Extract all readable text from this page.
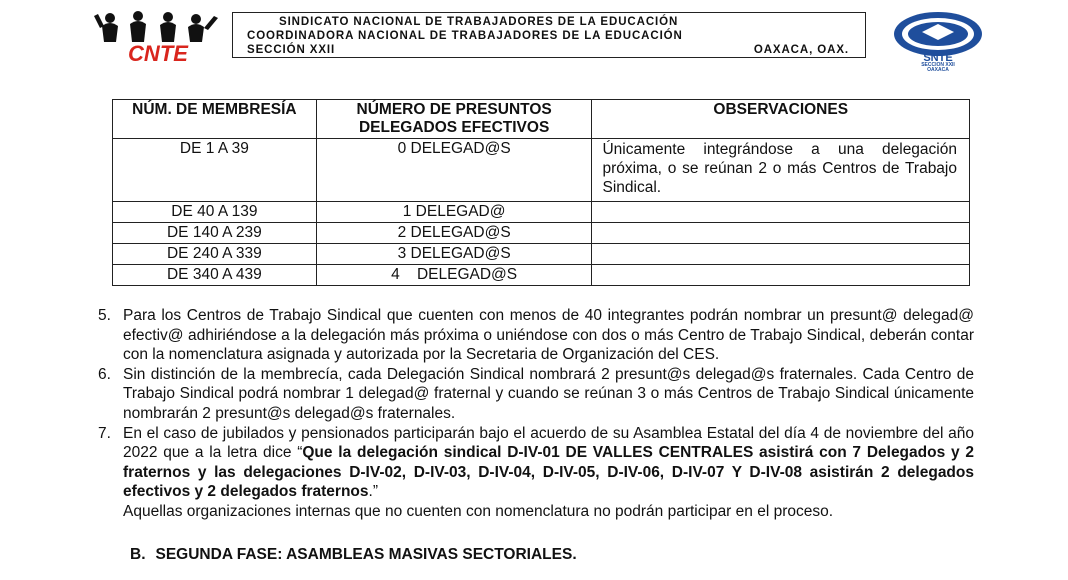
CNTE
SINDICATO NACIONAL DE TRABAJADORES DE LA EDUCACIÓN
COORDINADORA NACIONAL DE TRABAJADORES DE LA EDUCACIÓN
SECCIÓN XXII	OAXACA, OAX.
SNTE
SECCION XXII
OAXACA
NÚM. DE MEMBRESÍA	NÚMERO DE PRESUNTOS DELEGADOS EFECTIVOS	OBSERVACIONES
DE 1 A 39	0 DELEGAD@S	Únicamente integrándose a una delegación próxima, o se reúnan 2 o más Centros de Trabajo Sindical.
DE 40 A 139	1 DELEGAD@	
DE 140 A 239	2 DELEGAD@S	
DE 240 A 339	3 DELEGAD@S	
DE 340 A 439	4    DELEGAD@S	
5. Para los Centros de Trabajo Sindical que cuenten con menos de 40 integrantes podrán nombrar un presunt@ delegad@ efectiv@ adhiriéndose a la delegación más próxima o uniéndose con dos o más Centro de Trabajo Sindical, deberán contar con la nomenclatura asignada y autorizada por la Secretaria de Organización del CES.
6. Sin distinción de la membrecía, cada Delegación Sindical nombrará 2 presunt@s delegad@s fraternales. Cada Centro de Trabajo Sindical podrá nombrar 1 delegad@ fraternal y cuando se reúnan 3 o más Centros de Trabajo Sindical únicamente nombrarán 2 presunt@s delegad@s fraternales.
7. En el caso de jubilados y pensionados participarán bajo el acuerdo de su Asamblea Estatal del día 4 de noviembre del año 2022 que a la letra dice “Que la delegación sindical D-IV-01 DE VALLES CENTRALES asistirá con 7 Delegados y 2 fraternos y las delegaciones D-IV-02, D-IV-03, D-IV-04, D-IV-05, D-IV-06, D-IV-07 Y D-IV-08 asistirán 2 delegados efectivos y 2 delegados fraternos.”
Aquellas organizaciones internas que no cuenten con nomenclatura no podrán participar en el proceso.
B. SEGUNDA FASE: ASAMBLEAS MASIVAS SECTORIALES.
